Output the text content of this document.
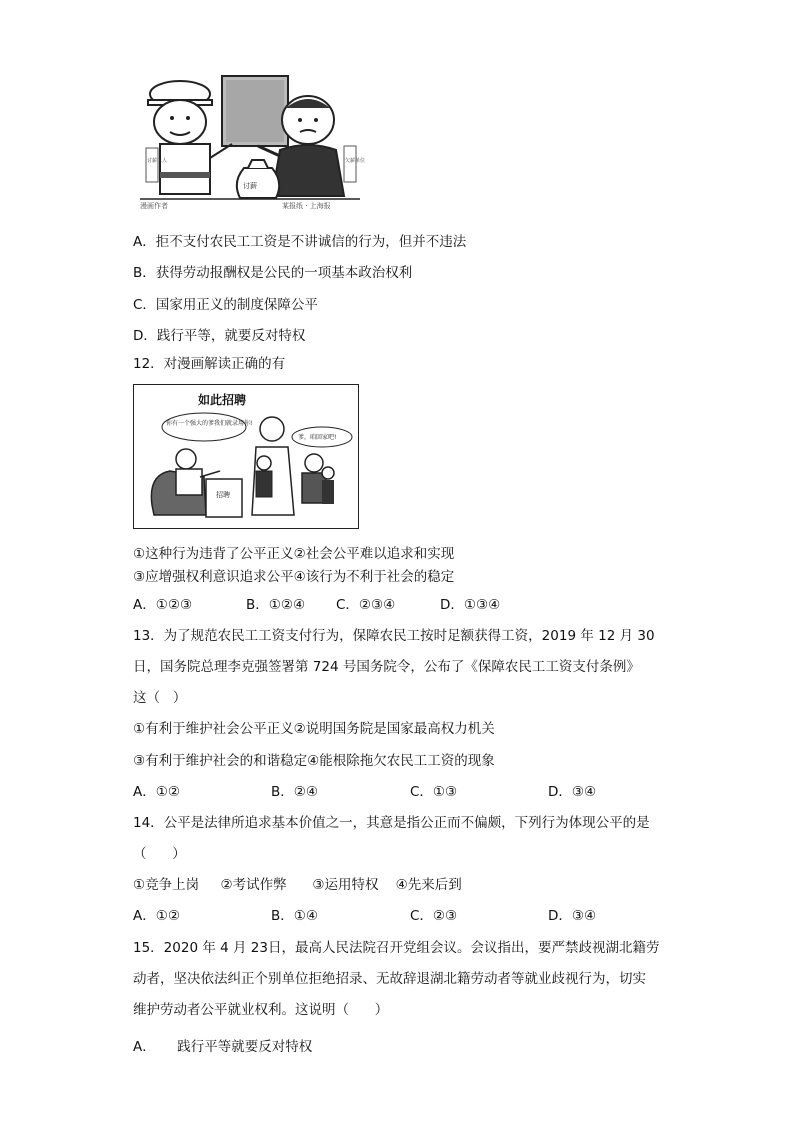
讨薪
漫画作者	某报纸 · 上海报
讨薪工人	欠薪单位
A．拒不支付农民工工资是不讲诚信的行为，但并不违法
B．获得劳动报酬权是公民的一项基本政治权利
C．国家用正义的制度保障公平
D．践行平等，就要反对特权
12．对漫画解读正确的有
如此招聘
你有一个强大的爹我们就录用你!
爹，咱回家吧!
招聘
①这种行为违背了公平正义②社会公平难以追求和实现
③应增强权利意识追求公平④该行为不利于社会的稳定
A．①②③	B．①②④ C．②③④	D．①③④
13．为了规范农民工工资支付行为，保障农民工按时足额获得工资，2019 年 12 月 30
日，国务院总理李克强签署第 724 号国务院令，公布了《保障农民工工资支付条例》
这（   ）
①有利于维护社会公平正义②说明国务院是国家最高权力机关
③有利于维护社会的和谐稳定④能根除拖欠农民工工资的现象
A．①②	B．②④	C．①③	D．③④
14．公平是法律所追求基本价值之一，其意是指公正而不偏颇，下列行为体现公平的是
（      ）
①竞争上岗     ②考试作弊      ③运用特权    ④先来后到
A．①②	B．①④	C．②③	D．③④
15．2020 年 4 月 23日，最高人民法院召开党组会议。会议指出，要严禁歧视湖北籍劳
动者，坚决依法纠正个别单位拒绝招录、无故辞退湖北籍劳动者等就业歧视行为，切实
维护劳动者公平就业权利。这说明（      ）
A．     践行平等就要反对特权
